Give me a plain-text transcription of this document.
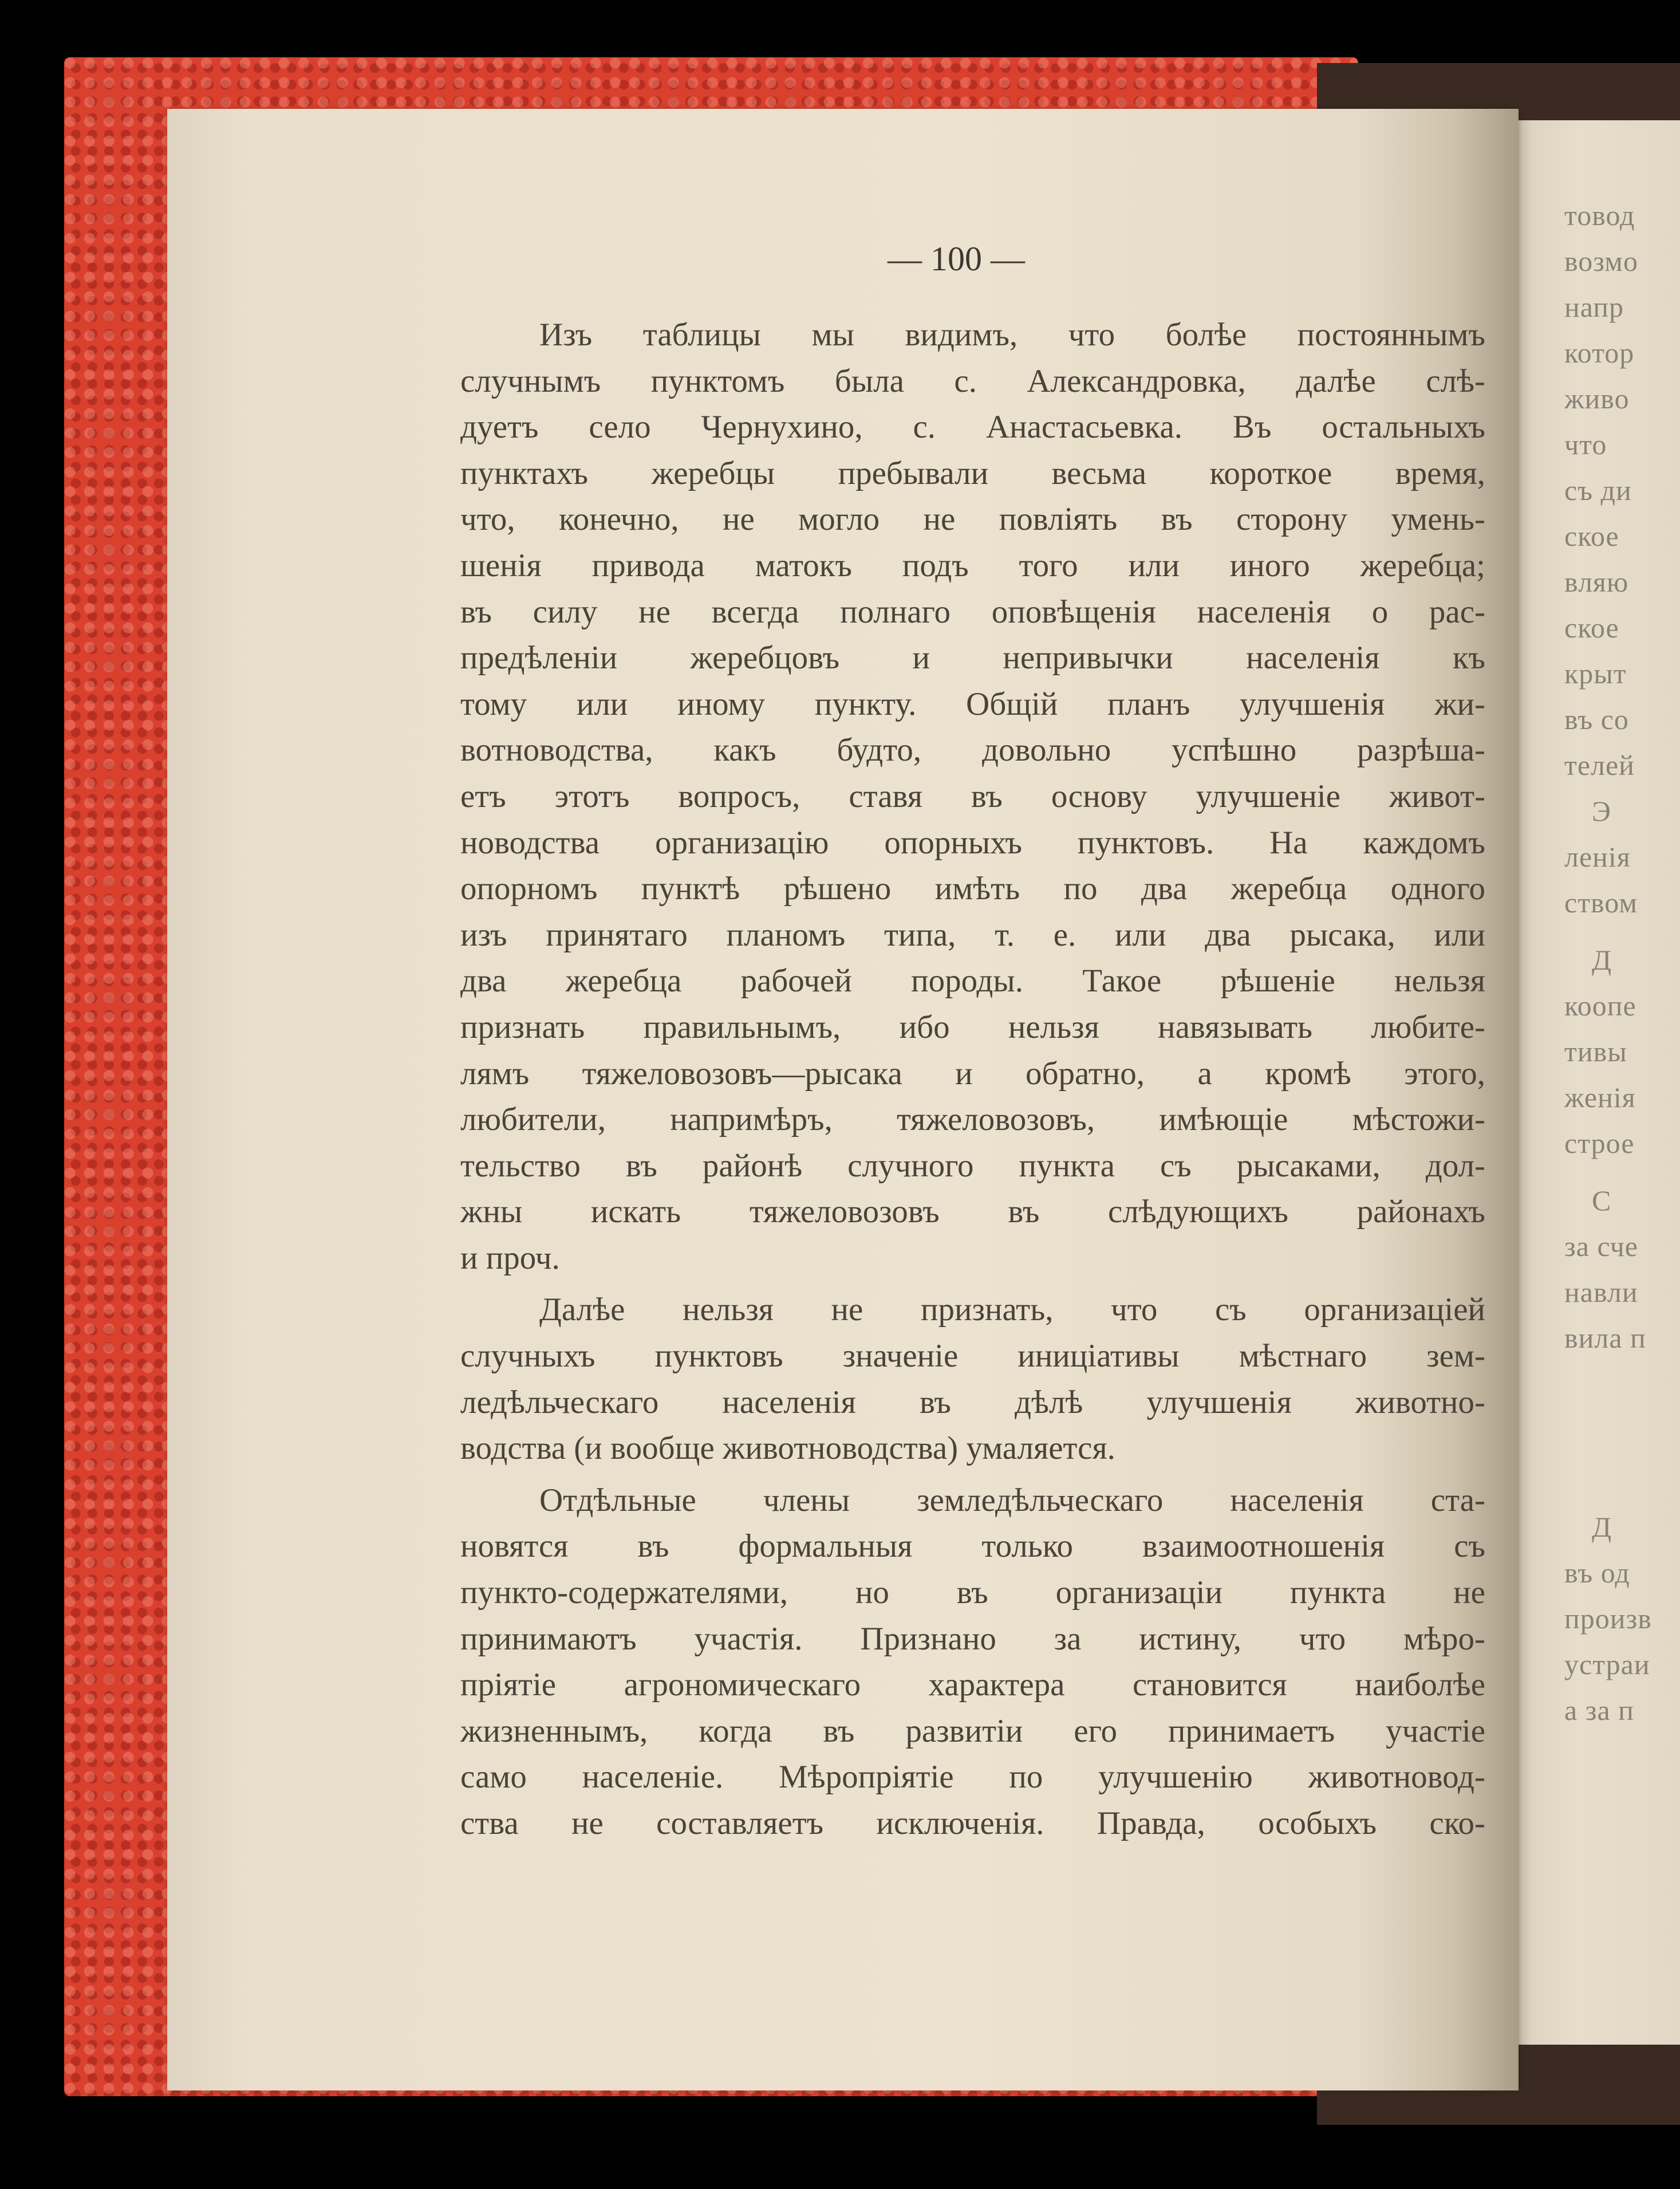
товод
возмо
напр
котор
живо
что
съ ди
ское
вляю
ское
крыт
въ со
телей
Э
ленія
ством
Д
коопе
тивы
женія
строе
С
за сче
навли
вила п
Д
въ од
произв
устраи
а за п
— 100 —
Изъ таблицы мы видимъ, что болѣе постояннымъ
случнымъ пунктомъ была с. Александровка, далѣе слѣ-
дуетъ село Чернухино, с. Анастасьевка. Въ остальныхъ
пунктахъ жеребцы пребывали весьма короткое время,
что, конечно, не могло не повліять въ сторону умень-
шенія привода матокъ подъ того или иного жеребца;
въ силу не всегда полнаго оповѣщенія населенія о рас-
предѣленіи жеребцовъ и непривычки населенія къ
тому или иному пункту. Общій планъ улучшенія жи-
вотноводства, какъ будто, довольно успѣшно разрѣша-
етъ этотъ вопросъ, ставя въ основу улучшеніе живот-
новодства организацію опорныхъ пунктовъ. На каждомъ
опорномъ пунктѣ рѣшено имѣть по два жеребца одного
изъ принятаго планомъ типа, т. е. или два рысака, или
два жеребца рабочей породы. Такое рѣшеніе нельзя
признать правильнымъ, ибо нельзя навязывать любите-
лямъ тяжеловозовъ—рысака и обратно, а кромѣ этого,
любители, напримѣръ, тяжеловозовъ, имѣющіе мѣстожи-
тельство въ районѣ случного пункта съ рысаками, дол-
жны искать тяжеловозовъ въ слѣдующихъ районахъ
и проч.
Далѣе нельзя не признать, что съ организаціей
случныхъ пунктовъ значеніе иниціативы мѣстнаго зем-
ледѣльческаго населенія въ дѣлѣ улучшенія животно-
водства (и вообще животноводства) умаляется.
Отдѣльные члены земледѣльческаго населенія ста-
новятся въ формальныя только взаимоотношенія съ
пункто-содержателями, но въ организаціи пункта не
принимаютъ участія. Признано за истину, что мѣро-
пріятіе агрономическаго характера становится наиболѣе
жизненнымъ, когда въ развитіи его принимаетъ участіе
само населеніе. Мѣропріятіе по улучшенію животновод-
ства не составляетъ исключенія. Правда, особыхъ ско-
